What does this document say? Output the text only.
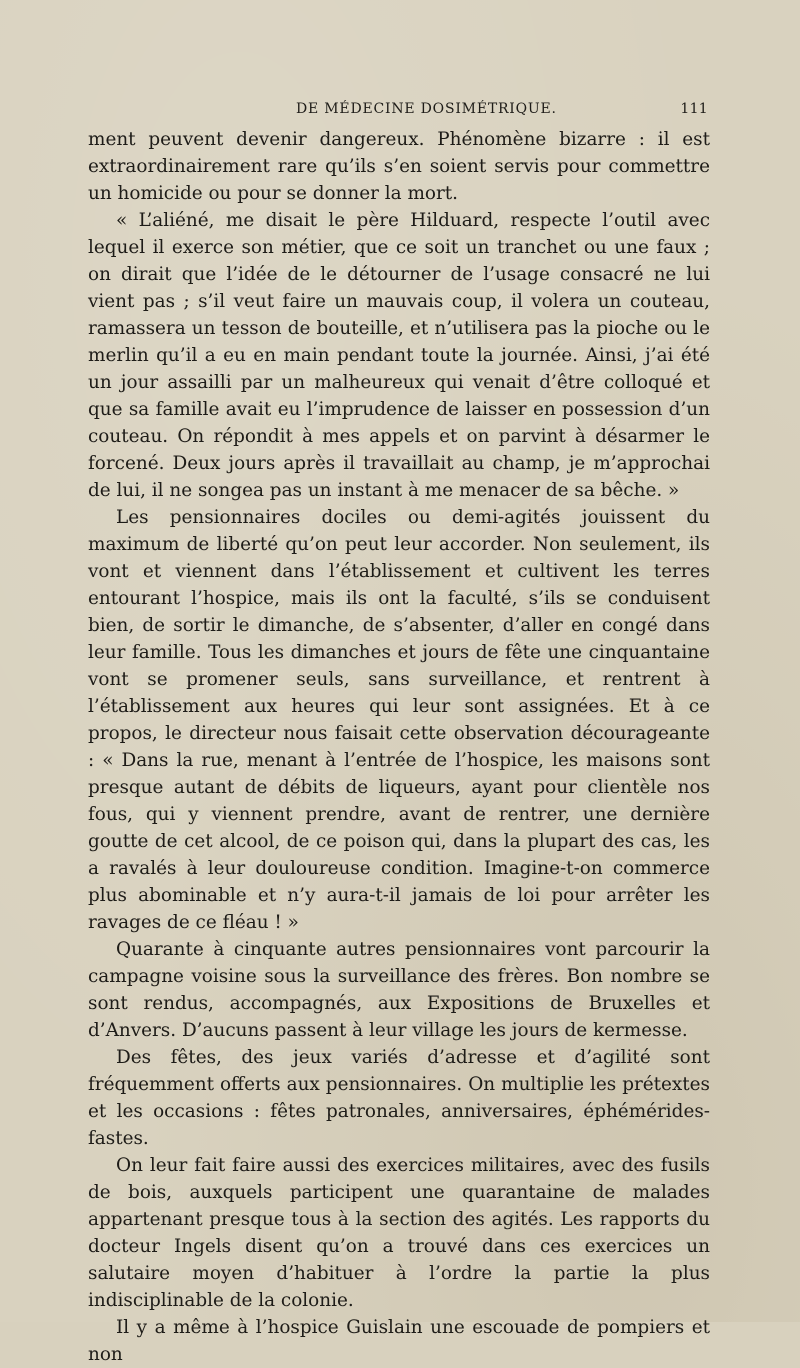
DE MÉDECINE DOSIMÉTRIQUE.	111

ment peuvent devenir dangereux. Phénomène bizarre : il est extraordinairement rare qu’ils s’en soient servis pour commettre un homicide ou pour se donner la mort.

« L’aliéné, me disait le père Hilduard, respecte l’outil avec lequel il exerce son métier, que ce soit un tranchet ou une faux ; on dirait que l’idée de le détourner de l’usage consacré ne lui vient pas ; s’il veut faire un mauvais coup, il volera un couteau, ramassera un tesson de bouteille, et n’utilisera pas la pioche ou le merlin qu’il a eu en main pendant toute la journée. Ainsi, j’ai été un jour assailli par un malheureux qui venait d’être colloqué et que sa famille avait eu l’imprudence de laisser en possession d’un couteau. On répondit à mes appels et on parvint à désarmer le forcené. Deux jours après il travaillait au champ, je m’approchai de lui, il ne songea pas un instant à me menacer de sa bêche. »

Les pensionnaires dociles ou demi-agités jouissent du maximum de liberté qu’on peut leur accorder. Non seulement, ils vont et viennent dans l’établissement et cultivent les terres entourant l’hospice, mais ils ont la faculté, s’ils se conduisent bien, de sortir le dimanche, de s’absenter, d’aller en congé dans leur famille. Tous les dimanches et jours de fête une cinquantaine vont se promener seuls, sans surveillance, et rentrent à l’établissement aux heures qui leur sont assignées. Et à ce propos, le directeur nous faisait cette observation décourageante : « Dans la rue, menant à l’entrée de l’hospice, les maisons sont presque autant de débits de liqueurs, ayant pour clientèle nos fous, qui y viennent prendre, avant de rentrer, une dernière goutte de cet alcool, de ce poison qui, dans la plupart des cas, les a ravalés à leur douloureuse condition. Imagine-t-on commerce plus abominable et n’y aura-t-il jamais de loi pour arrêter les ravages de ce fléau ! »

Quarante à cinquante autres pensionnaires vont parcourir la campagne voisine sous la surveillance des frères. Bon nombre se sont rendus, accompagnés, aux Expositions de Bruxelles et d’Anvers. D’aucuns passent à leur village les jours de kermesse.

Des fêtes, des jeux variés d’adresse et d’agilité sont fréquemment offerts aux pensionnaires. On multiplie les prétextes et les occasions : fêtes patronales, anniversaires, éphémérides-fastes.

On leur fait faire aussi des exercices militaires, avec des fusils de bois, auxquels participent une quarantaine de malades appartenant presque tous à la section des agités. Les rapports du docteur Ingels disent qu’on a trouvé dans ces exercices un salutaire moyen d’habituer à l’ordre la partie la plus indisciplinable de la colonie.

Il y a même à l’hospice Guislain une escouade de pompiers et non
